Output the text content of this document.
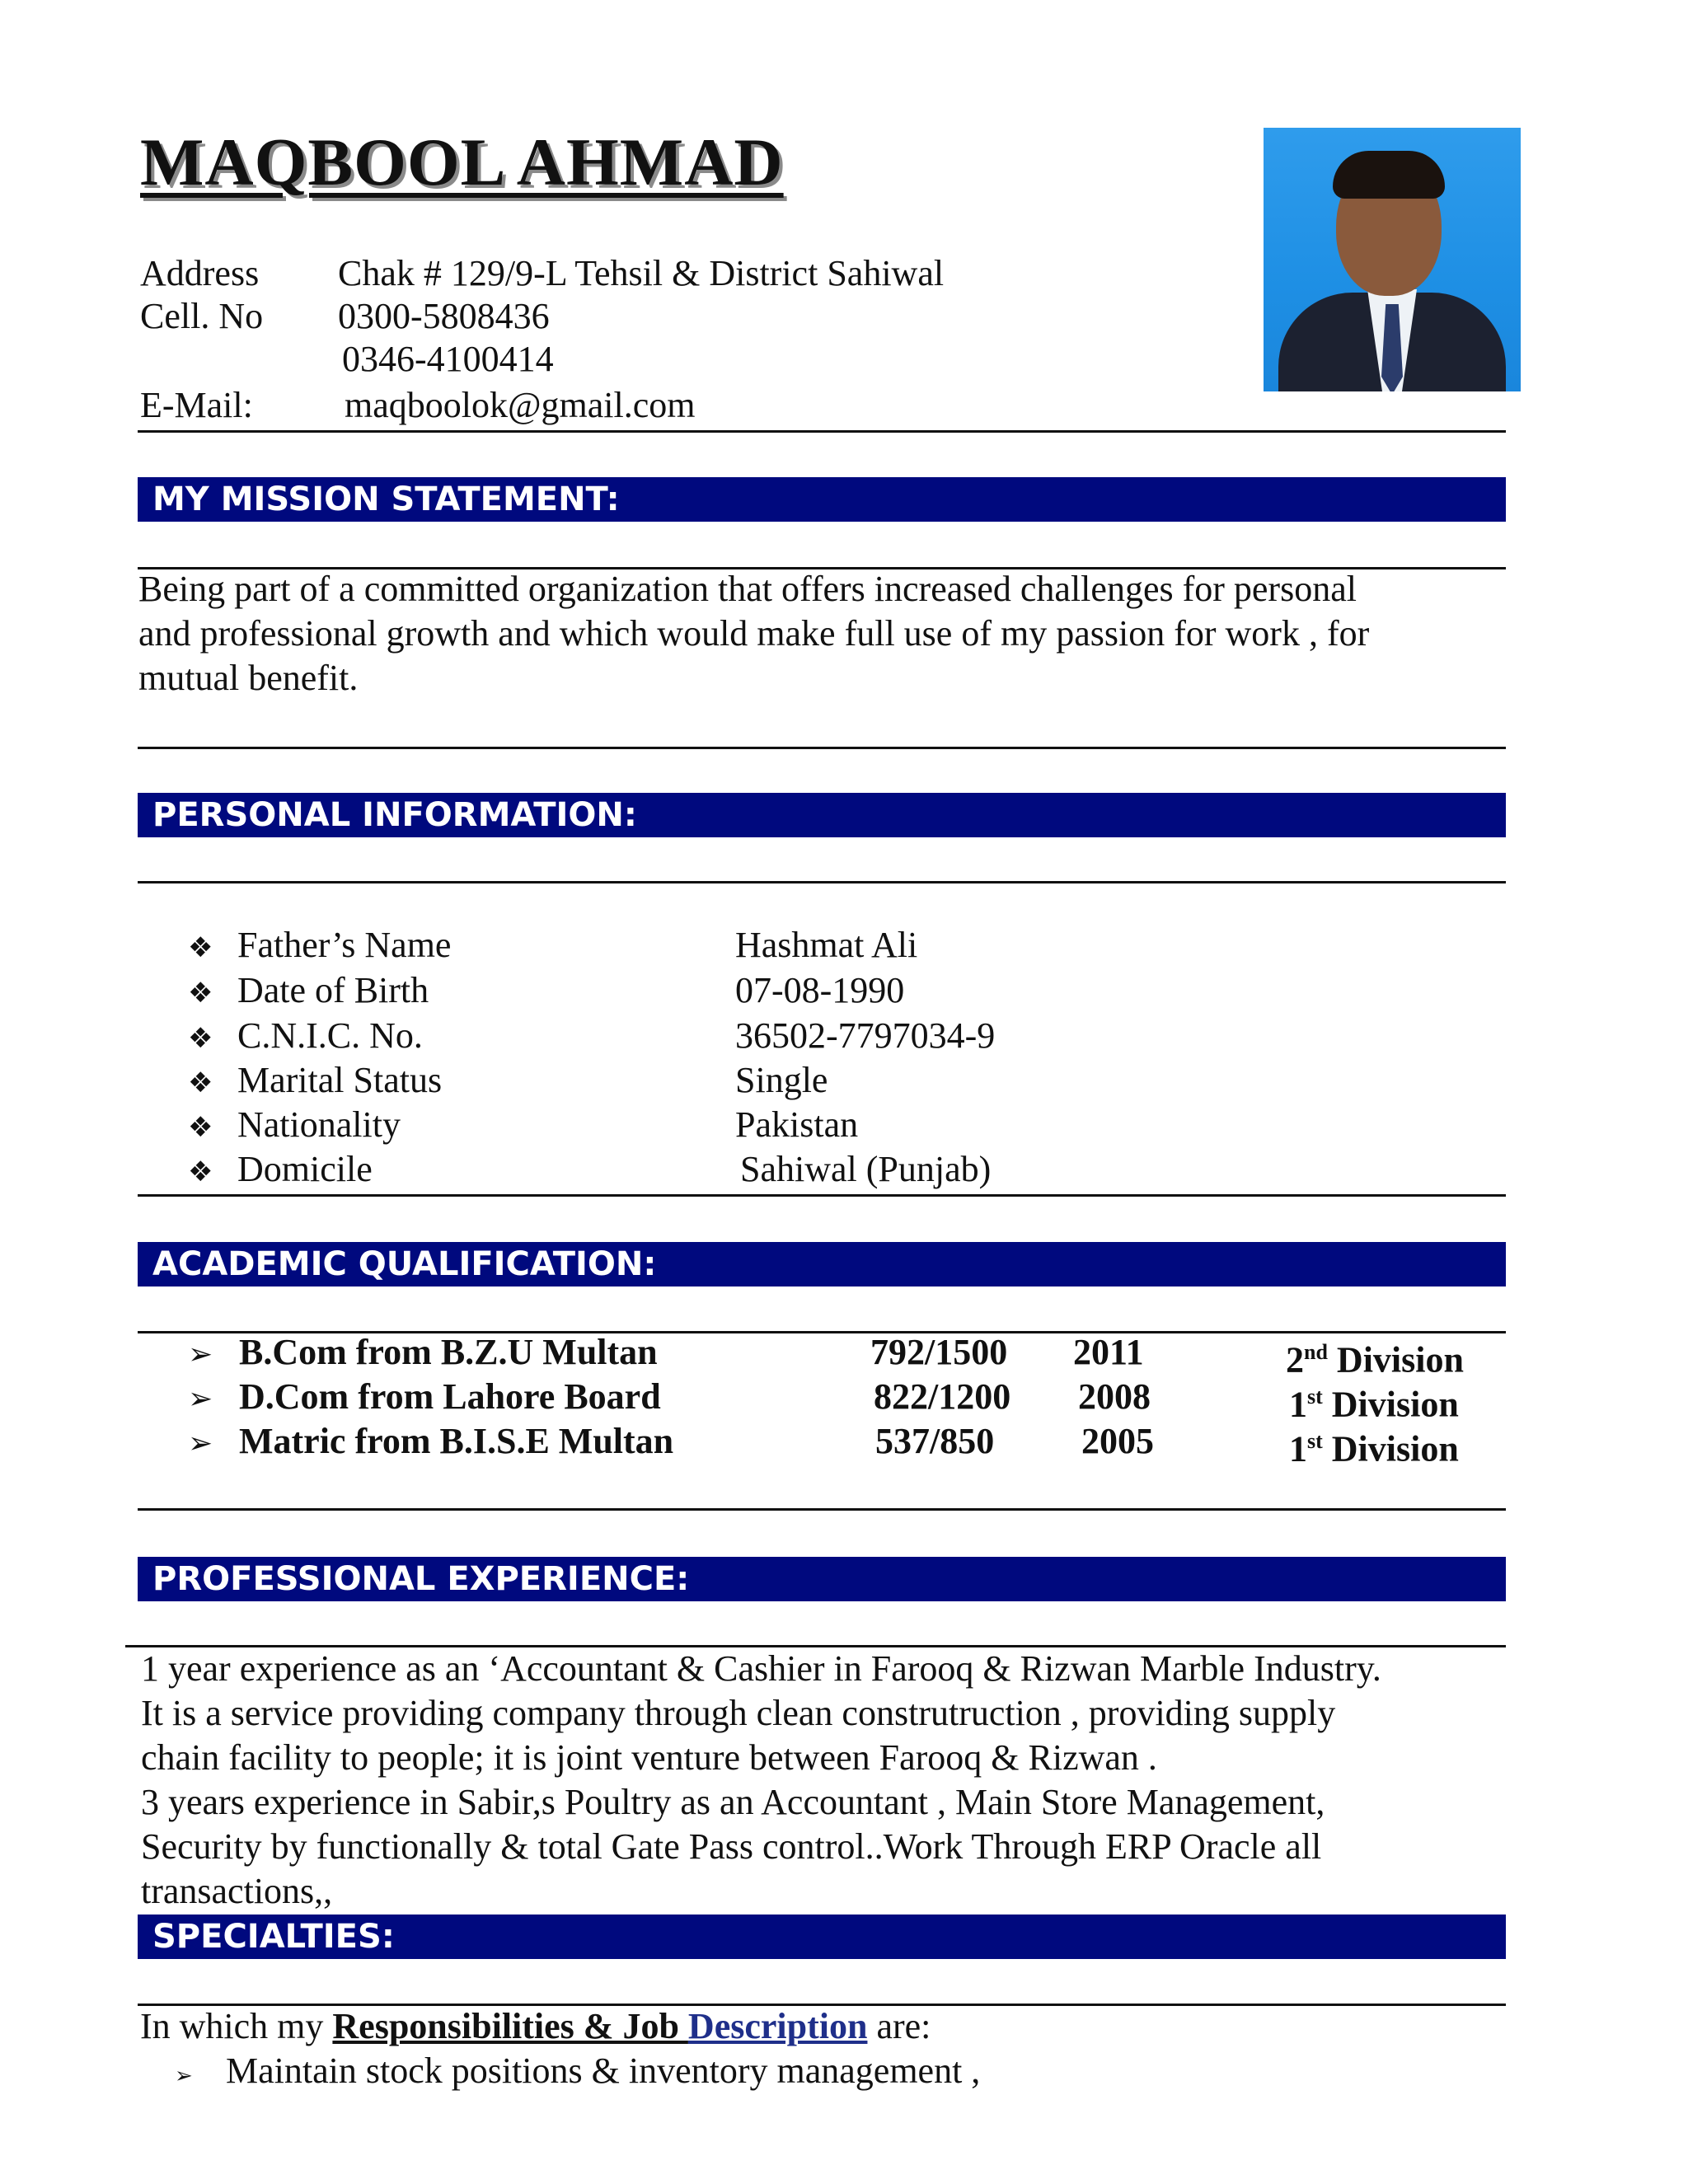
MAQBOOL AHMAD
Address Chak # 129/9-L Tehsil & District Sahiwal
Cell. No 0300-5808436
0346-4100414
E-Mail:	maqboolok@gmail.com
MY MISSION STATEMENT:
Being part of a committed organization that offers increased challenges for personal
and professional growth and which would make full use of my passion for work , for
mutual benefit.
PERSONAL INFORMATION:
❖ Father’s Name	Hashmat Ali
❖ Date of Birth	07-08-1990
❖ C.N.I.C. No.	36502-7797034-9
❖ Marital Status	Single
❖ Nationality	Pakistan
❖ Domicile	Sahiwal (Punjab)
ACADEMIC QUALIFICATION:
➢ B.Com from B.Z.U Multan	792/1500 2011	2nd Division
➢ D.Com from Lahore Board	822/1200 2008	1st Division
➢ Matric from B.I.S.E Multan	537/850 2005	1st Division
PROFESSIONAL EXPERIENCE:
1 year experience as an ‘Accountant & Cashier in Farooq & Rizwan Marble Industry.
It is a service providing company through clean construtruction , providing supply
chain facility to people; it is joint venture between Farooq & Rizwan .
3 years experience in Sabir,s Poultry as an Accountant , Main Store Management,
Security by functionally & total Gate Pass control..Work Through ERP Oracle all
transactions,,
SPECIALTIES:
In which my Responsibilities & Job Description are:
➢ Maintain stock positions & inventory management ,
